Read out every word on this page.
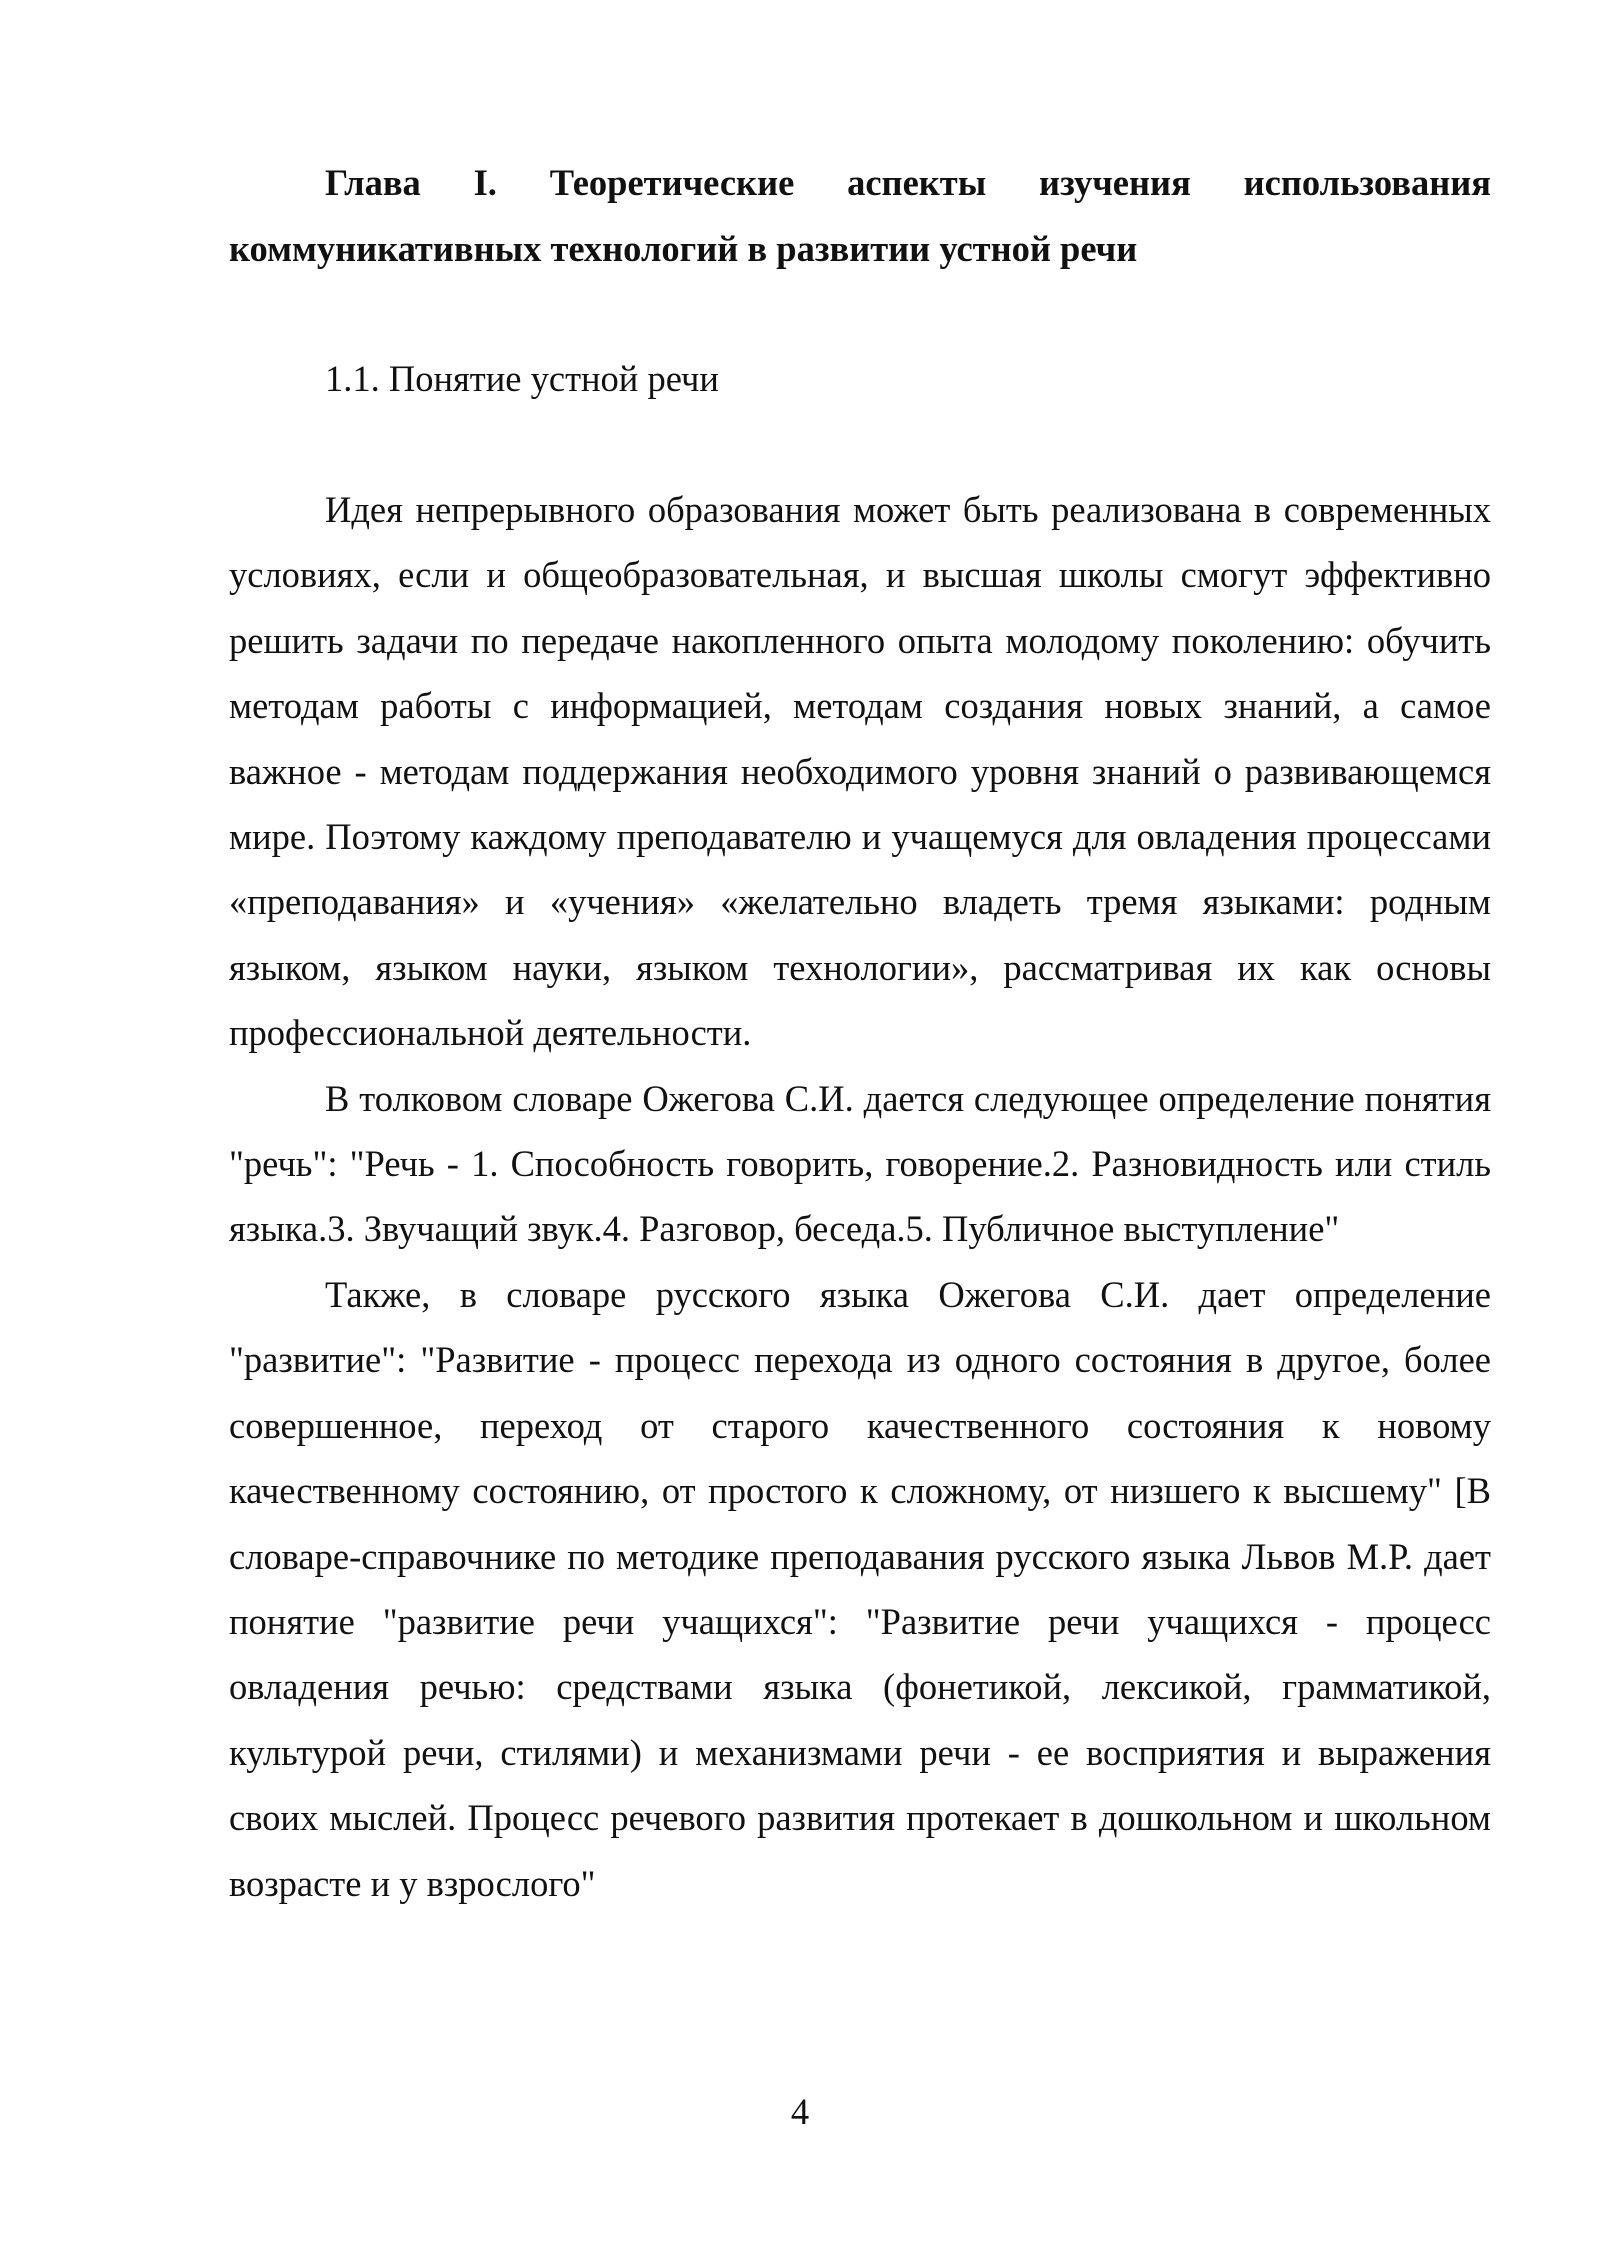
Глава I. Теоретические аспекты изучения использования коммуникативных технологий в развитии устной речи
1.1. Понятие устной речи

Идея непрерывного образования может быть реализована в современных условиях, если и общеобразовательная, и высшая школы смогут эффективно решить задачи по передаче накопленного опыта молодому поколению: обучить методам работы с информацией, методам создания новых знаний, а самое важное - методам поддержания необходимого уровня знаний о развивающемся мире. Поэтому каждому преподавателю и учащемуся для овладения процессами «преподавания» и «учения» «желательно владеть тремя языками: родным языком, языком науки, языком технологии», рассматривая их как основы профессиональной деятельности.

В толковом словаре Ожегова С.И. дается следующее определение понятия "речь": "Речь - 1. Способность говорить, говорение.2. Разновидность или стиль языка.3. Звучащий звук.4. Разговор, беседа.5. Публичное выступление"

Также, в словаре русского языка Ожегова С.И. дает определение "развитие": "Развитие - процесс перехода из одного состояния в другое, более совершенное, переход от старого качественного состояния к новому качественному состоянию, от простого к сложному, от низшего к высшему" [В словаре-справочнике по методике преподавания русского языка Львов М.Р. дает понятие "развитие речи учащихся": "Развитие речи учащихся - процесс овладения речью: средствами языка (фонетикой, лексикой, грамматикой, культурой речи, стилями) и механизмами речи - ее восприятия и выражения своих мыслей. Процесс речевого развития протекает в дошкольном и школьном возрасте и у взрослого"

4
